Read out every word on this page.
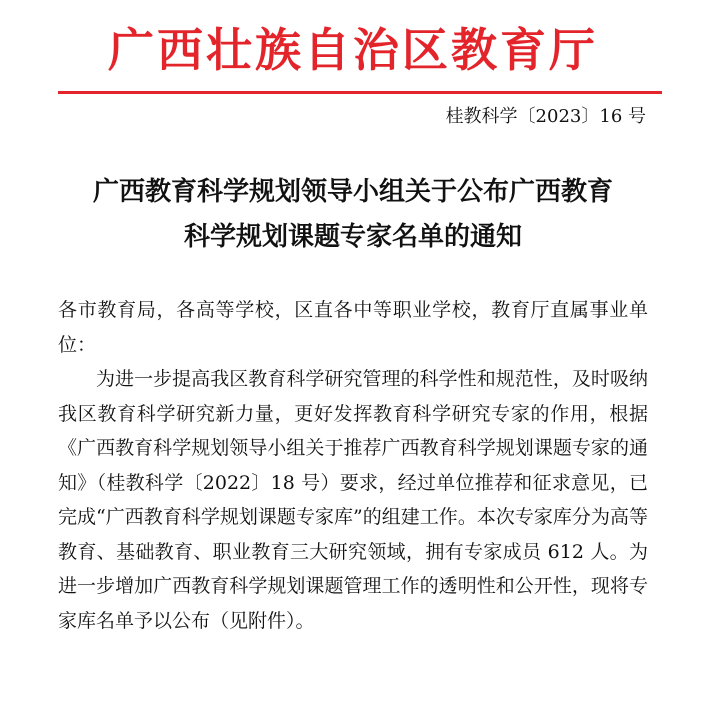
广西壮族自治区教育厅
桂教科学〔2023〕16 号
广西教育科学规划领导小组关于公布广西教育
科学规划课题专家名单的通知

各市教育局，各高等学校，区直各中等职业学校，教育厅直属事业单位：

为进一步提高我区教育科学研究管理的科学性和规范性，及时吸纳我区教育科学研究新力量，更好发挥教育科学研究专家的作用，根据《广西教育科学规划领导小组关于推荐广西教育科学规划课题专家的通知》（桂教科学〔2022〕18 号）要求，经过单位推荐和征求意见，已完成“广西教育科学规划课题专家库”的组建工作。本次专家库分为高等教育、基础教育、职业教育三大研究领域，拥有专家成员 612 人。为进一步增加广西教育科学规划课题管理工作的透明性和公开性，现将专家库名单予以公布（见附件）。
